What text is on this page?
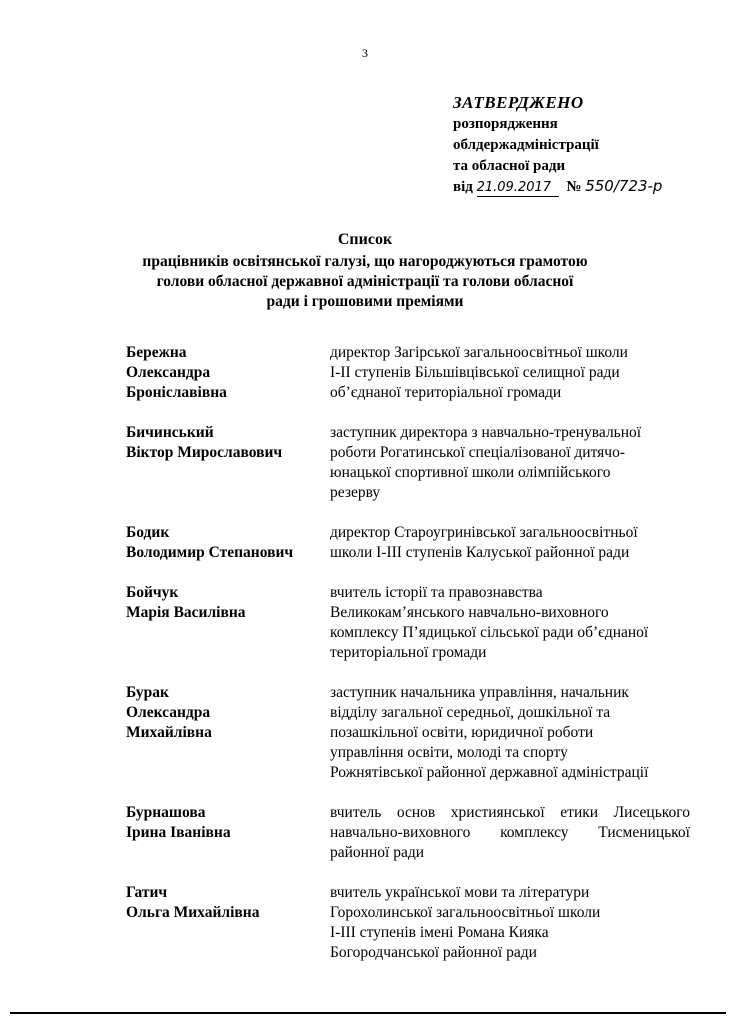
3
ЗАТВЕРДЖЕНО
розпорядження
облдержадміністрації
та обласної ради
від 21.09.2017 № 550/723-р
Список
працівників освітянської галузі, що нагороджуються грамотою
голови обласної державної адміністрації та голови обласної
ради і грошовими преміями
Бережна
Олександра
Броніславівна
директор Загірської загальноосвітньої школи
І-ІІ ступенів Більшівцівської селищної ради
об’єднаної територіальної громади
Бичинський
Віктор Мирославович
заступник директора з навчально-тренувальної
роботи Рогатинської спеціалізованої дитячо-
юнацької спортивної школи олімпійського
резерву
Бодик
Володимир Степанович
директор Староугринівської загальноосвітньої
школи І-ІІІ ступенів Калуської районної ради
Бойчук
Марія Василівна
вчитель історії та правознавства
Великокам’янського навчально-виховного
комплексу П’ядицької сільської ради об’єднаної
територіальної громади
Бурак
Олександра
Михайлівна
заступник начальника управління, начальник
відділу загальної середньої, дошкільної та
позашкільної освіти, юридичної роботи
управління освіти, молоді та спорту
Рожнятівської районної державної адміністрації
Бурнашова
Ірина Іванівна
вчитель основ християнської етики Лисецького
навчально-виховного комплексу Тисменицької
районної ради
Гатич
Ольга Михайлівна
вчитель української мови та літератури
Горохолинської загальноосвітньої школи
І-ІІІ ступенів імені Романа Кияка
Богородчанської районної ради
